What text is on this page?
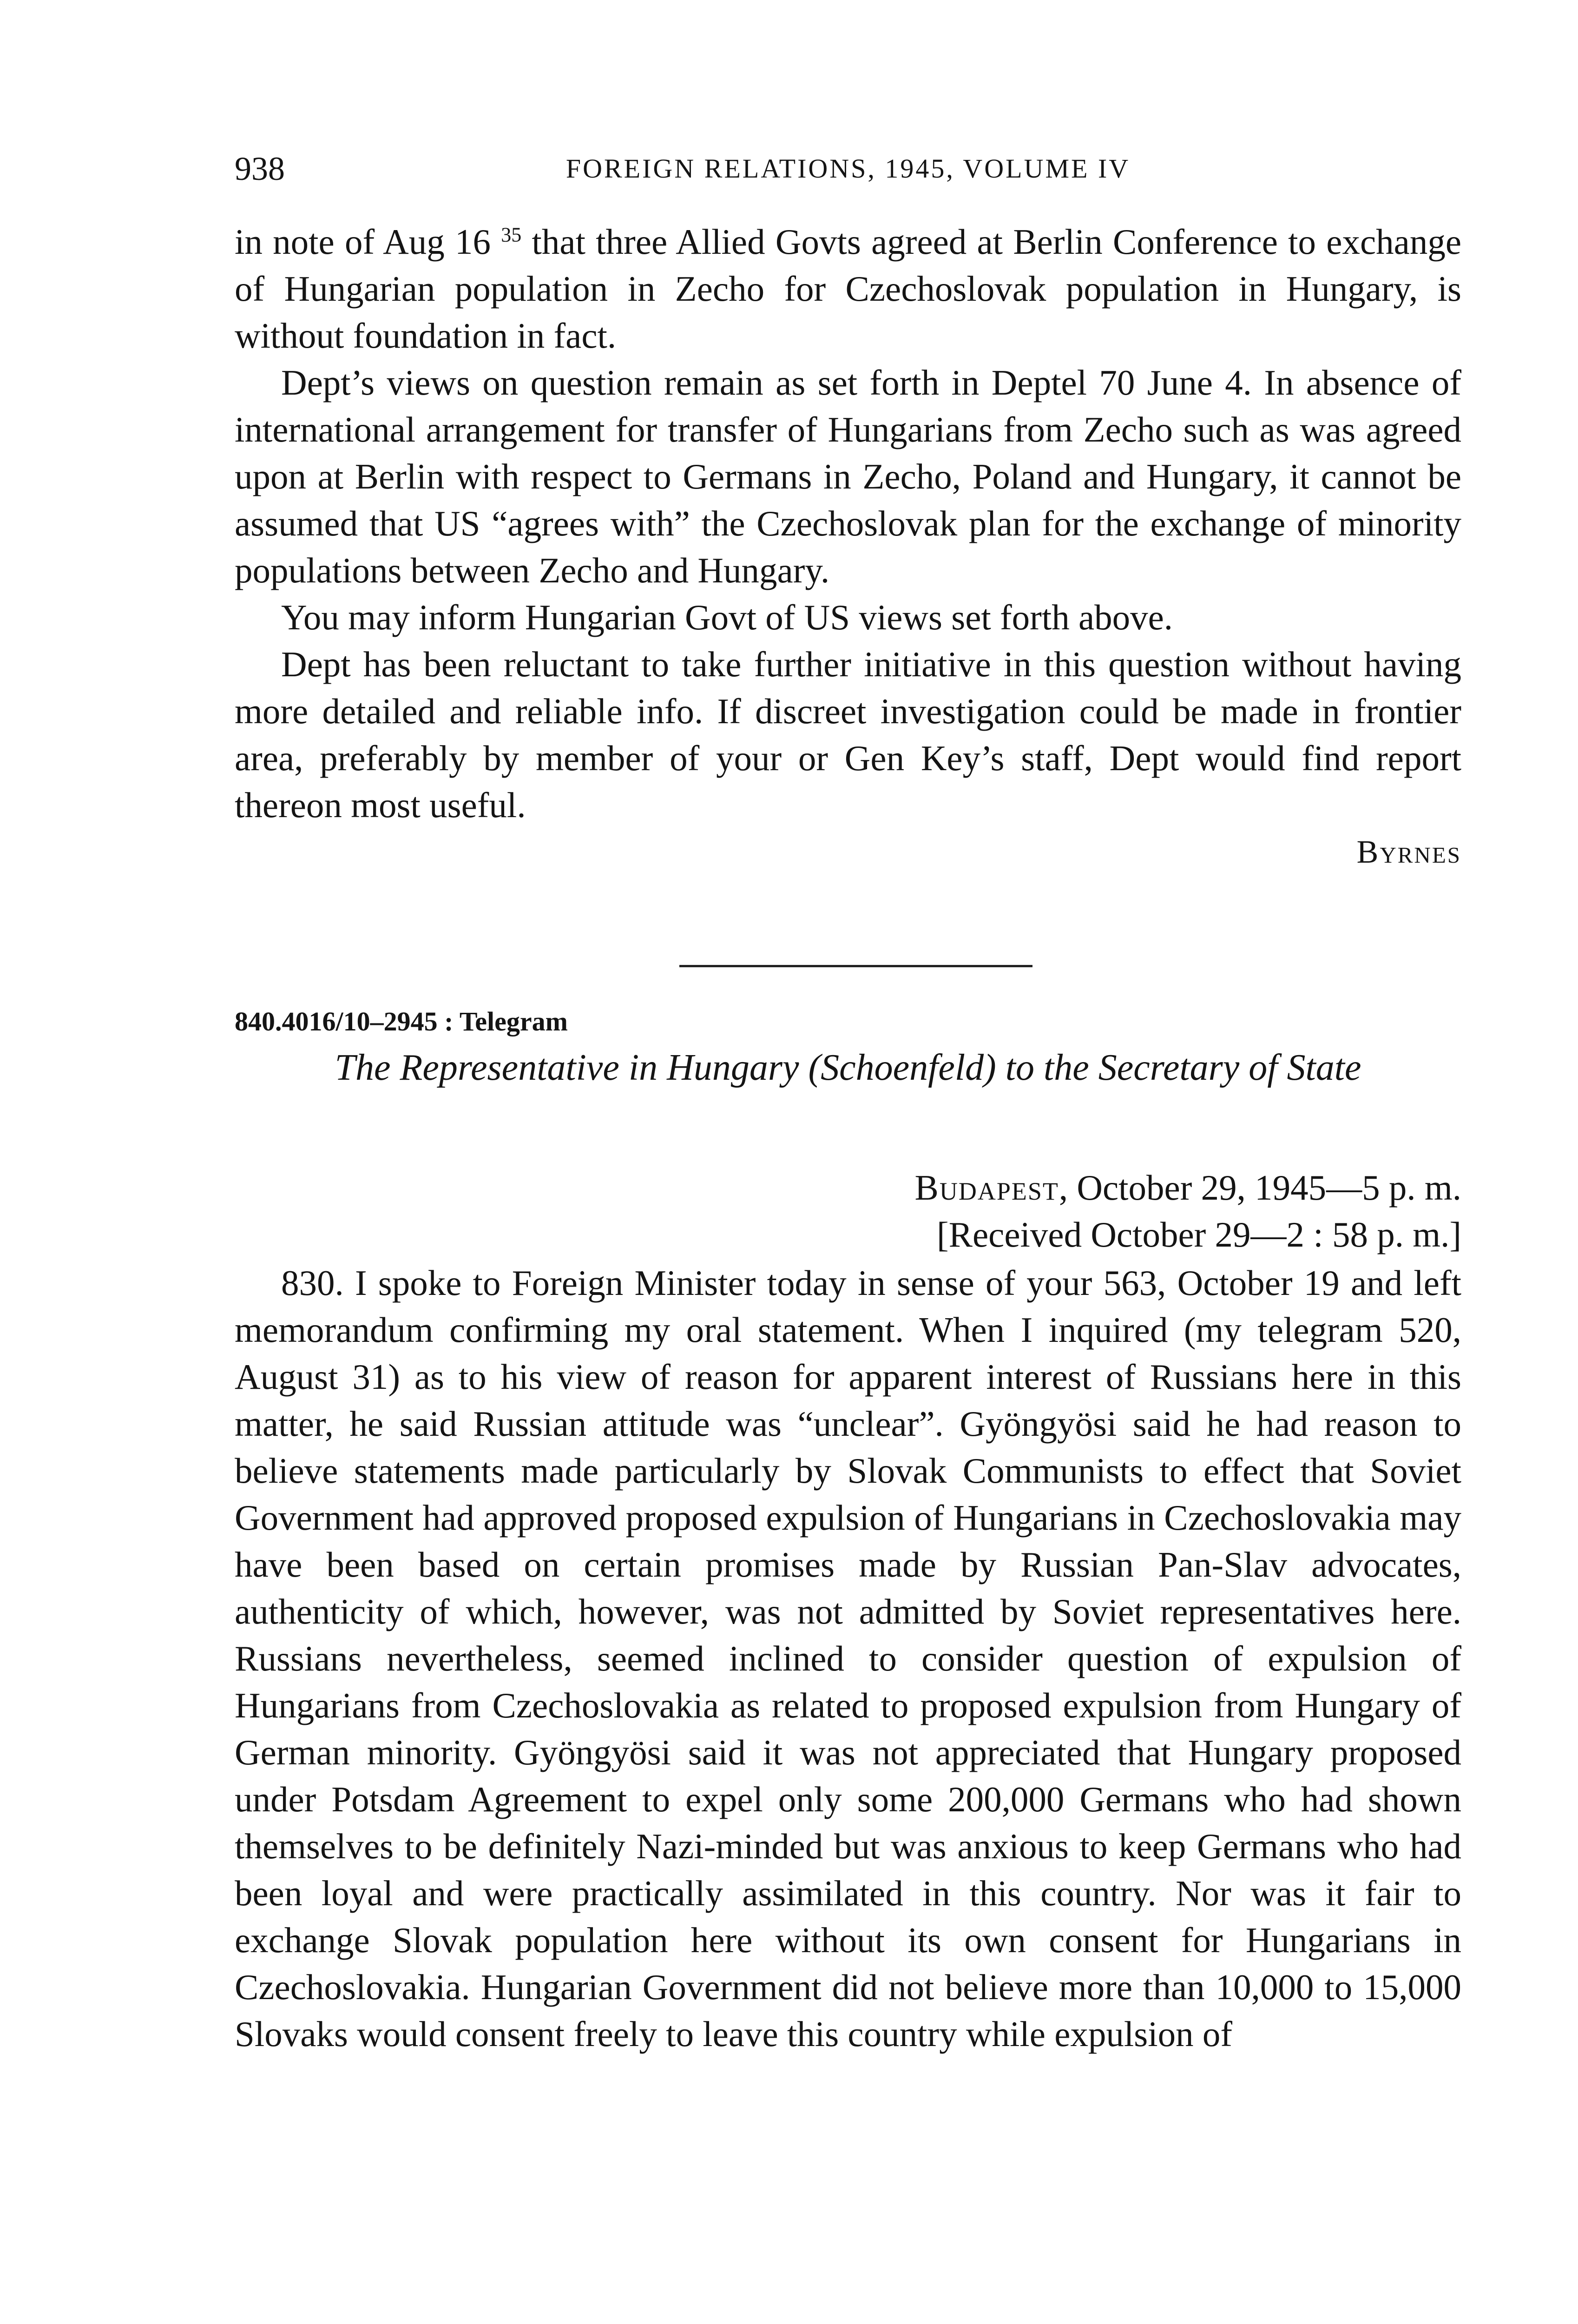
938	FOREIGN RELATIONS, 1945, VOLUME IV

in note of Aug 16 $^{35}$ that three Allied Govts agreed at Berlin Conference to exchange of Hungarian population in Zecho for Czechoslovak population in Hungary, is without foundation in fact.

Dept’s views on question remain as set forth in Deptel 70 June 4. In absence of international arrangement for transfer of Hungarians from Zecho such as was agreed upon at Berlin with respect to Germans in Zecho, Poland and Hungary, it cannot be assumed that US “agrees with” the Czechoslovak plan for the exchange of minority populations between Zecho and Hungary.

You may inform Hungarian Govt of US views set forth above.

Dept has been reluctant to take further initiative in this question without having more detailed and reliable info. If discreet investigation could be made in frontier area, preferably by member of your or Gen Key’s staff, Dept would find report thereon most useful.

Byrnes

840.4016/10–2945 : Telegram
The Representative in Hungary (Schoenfeld) to the Secretary of State
Budapest, October 29, 1945—5 p. m.
[Received October 29—2 : 58 p. m.]

830. I spoke to Foreign Minister today in sense of your 563, October 19 and left memorandum confirming my oral statement. When I inquired (my telegram 520, August 31) as to his view of reason for apparent interest of Russians here in this matter, he said Russian attitude was “unclear”. Gyöngyösi said he had reason to believe statements made particularly by Slovak Communists to effect that Soviet Government had approved proposed expulsion of Hungarians in Czechoslovakia may have been based on certain promises made by Russian Pan-Slav advocates, authenticity of which, however, was not admitted by Soviet representatives here. Russians nevertheless, seemed inclined to consider question of expulsion of Hungarians from Czechoslovakia as related to proposed expulsion from Hungary of German minority. Gyöngyösi said it was not appreciated that Hungary proposed under Potsdam Agreement to expel only some 200,000 Germans who had shown themselves to be definitely Nazi-minded but was anxious to keep Germans who had been loyal and were practically assimilated in this country. Nor was it fair to exchange Slovak population here without its own consent for Hungarians in Czechoslovakia. Hungarian Government did not believe more than 10,000 to 15,000 Slovaks would consent freely to leave this country while expulsion of
